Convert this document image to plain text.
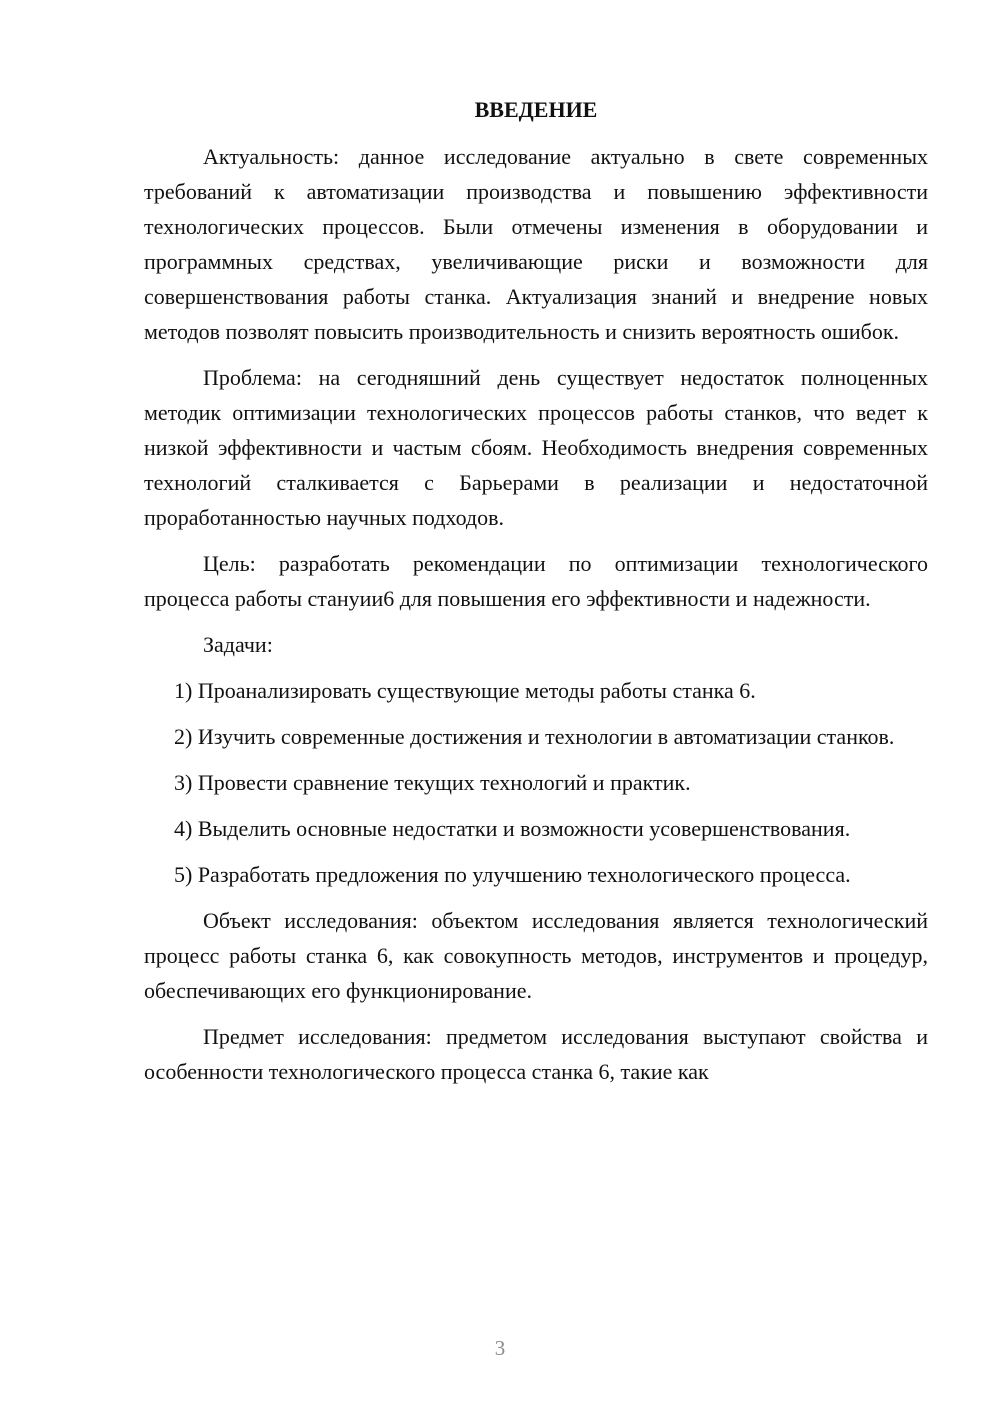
ВВЕДЕНИЕ

Актуальность: данное исследование актуально в свете современных требований к автоматизации производства и повышению эффективности технологических процессов. Были отмечены изменения в оборудовании и программных средствах, увеличивающие риски и возможности для совершенствования работы станка. Актуализация знаний и внедрение новых методов позволят повысить производительность и снизить вероятность ошибок.

Проблема: на сегодняшний день существует недостаток полноценных методик оптимизации технологических процессов работы станков, что ведет к низкой эффективности и частым сбоям. Необходимость внедрения современных технологий сталкивается с Барьерами в реализации и недостаточной проработанностью научных подходов.

Цель: разработать рекомендации по оптимизации технологического процесса работы стануии6 для повышения его эффективности и надежности.

Задачи:

1) Проанализировать существующие методы работы станка 6.

2) Изучить современные достижения и технологии в автоматизации станков.

3) Провести сравнение текущих технологий и практик.

4) Выделить основные недостатки и возможности усовершенствования.

5) Разработать предложения по улучшению технологического процесса.

Объект исследования: объектом исследования является технологический процесс работы станка 6, как совокупность методов, инструментов и процедур, обеспечивающих его функционирование.

Предмет исследования: предметом исследования выступают свойства и особенности технологического процесса станка 6, такие как

3
